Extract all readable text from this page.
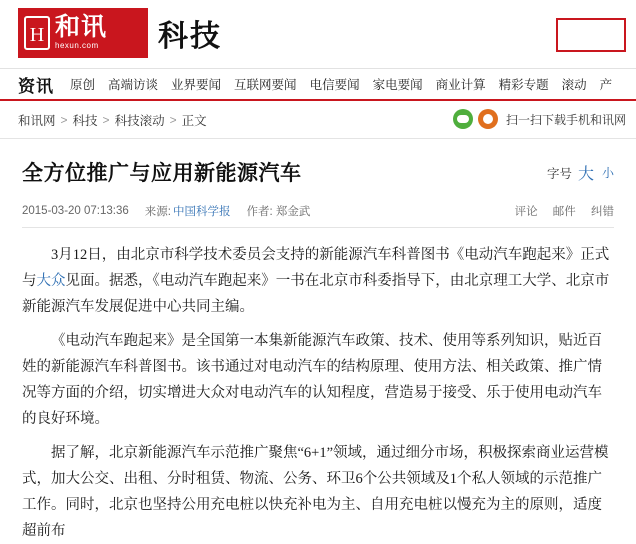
H 和讯
hexun.com 科技
资讯 原创 高端访谈 业界要闻 互联网要闻 电信要闻 家电要闻 商业计算 精彩专题 滚动 产
和讯网 > 科技 > 科技滚动 > 正文	扫一扫下载手机和讯网
全方位推广与应用新能源汽车	字号 大 小
2015-03-20 07:13:36 来源: 中国科学报 作者: 郑金武	评论 邮件 纠错

3月12日，由北京市科学技术委员会支持的新能源汽车科普图书《电动汽车跑起来》正式与大众见面。据悉，《电动汽车跑起来》一书在北京市科委指导下，由北京理工大学、北京市新能源汽车发展促进中心共同主编。

《电动汽车跑起来》是全国第一本集新能源汽车政策、技术、使用等系列知识，贴近百姓的新能源汽车科普图书。该书通过对电动汽车的结构原理、使用方法、相关政策、推广情况等方面的介绍，切实增进大众对电动汽车的认知程度，营造易于接受、乐于使用电动汽车的良好环境。

据了解，北京新能源汽车示范推广聚焦“6+1”领域，通过细分市场，积极探索商业运营模式，加大公交、出租、分时租赁、物流、公务、环卫6个公共领域及1个私人领域的示范推广工作。同时，北京也坚持公用充电桩以快充补电为主、自用充电桩以慢充为主的原则，适度超前布
